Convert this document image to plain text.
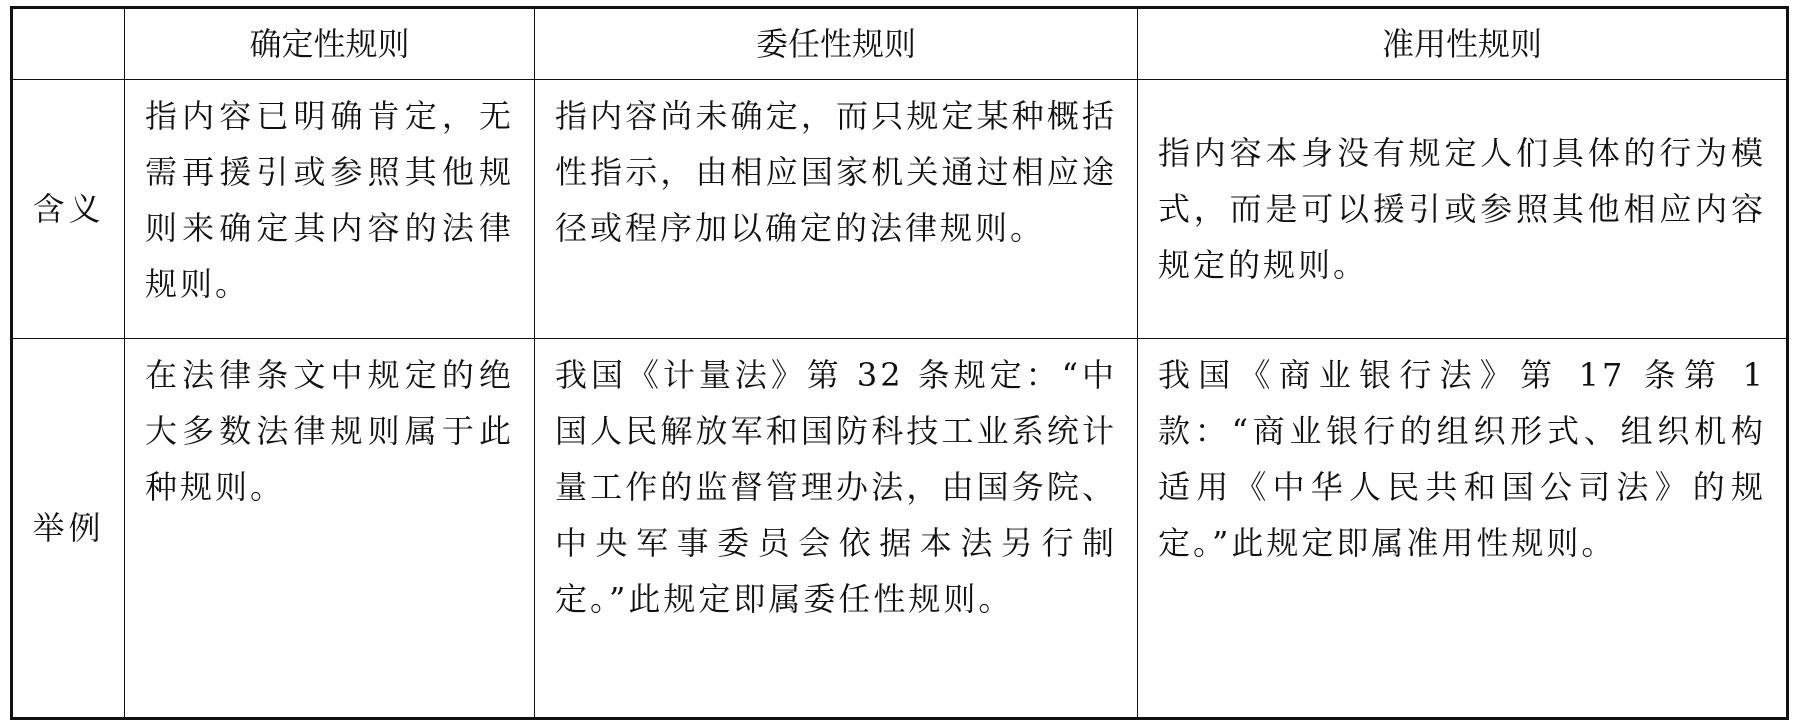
	确定性规则	委任性规则	准用性规则
含义	指内容已明确肯定，无需再援引或参照其他规则来确定其内容的法律规则。	指内容尚未确定，而只规定某种概括性指示，由相应国家机关通过相应途径或程序加以确定的法律规则。	指内容本身没有规定人们具体的行为模式，而是可以援引或参照其他相应内容规定的规则。
举例	在法律条文中规定的绝大多数法律规则属于此种规则。	我国《计量法》第 32 条规定：“中国人民解放军和国防科技工业系统计量工作的监督管理办法，由国务院、中央军事委员会依据本法另行制定。”此规定即属委任性规则。	我国《商业银行法》第 17 条第 1 款：“商业银行的组织形式、组织机构适用《中华人民共和国公司法》的规定。”此规定即属准用性规则。
